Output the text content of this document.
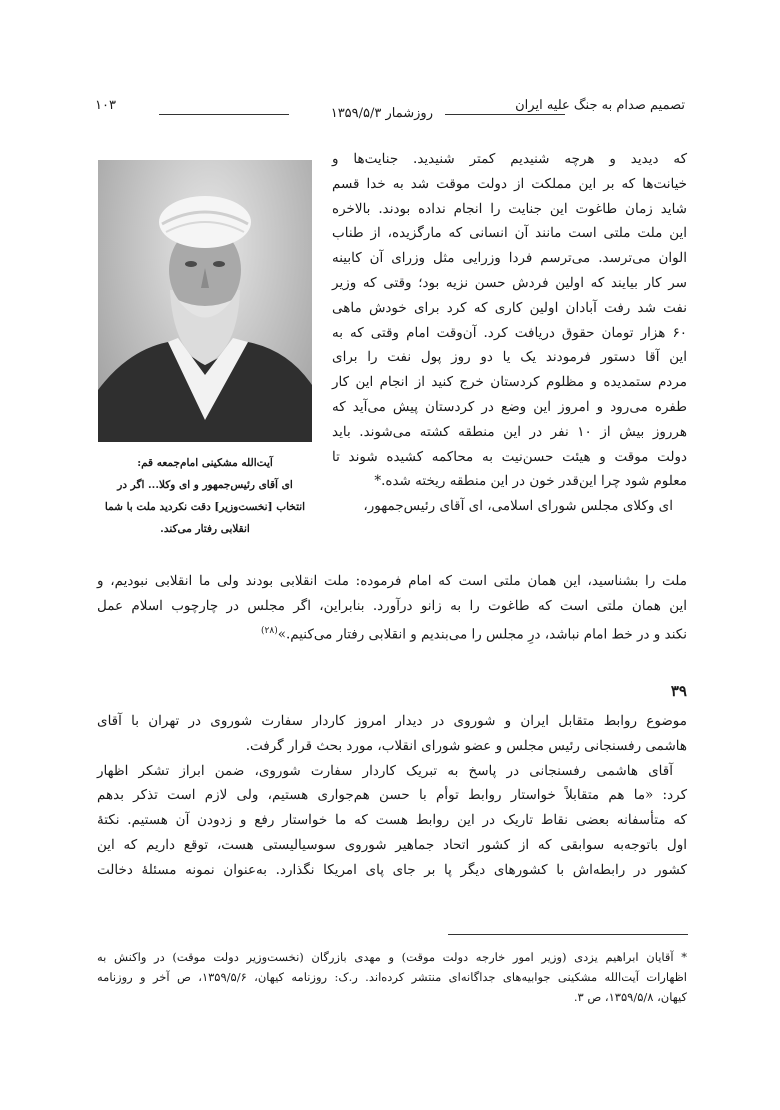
تصمیم صدام به جنگ علیه ایران
روزشمار ۱۳۵۹/۵/۳
۱۰۳
آیت‌الله مشکینی امام‌جمعه قم:
ای آقای رئیس‌جمهور و ای وکلا... اگر در
انتخاب [نخست‌وزیر] دقت نکردید ملت با شما
انقلابی رفتار می‌کند.
که دیدید و هرچه شنیدیم کمتر شنیدید. جنایت‌ها و
خیانت‌ها که بر این مملکت از دولت موقت شد به خدا قسم
شاید زمان طاغوت این جنایت را انجام نداده بودند. بالاخره
این ملت ملتی است مانند آن انسانی که مارگزیده، از طناب
الوان می‌ترسد. می‌ترسم فردا وزرایی مثل وزرای آن کابینه
سر کار بیایند که اولین فردش حسن نزیه بود؛ وقتی که وزیر
نفت شد رفت آبادان اولین کاری که کرد برای خودش ماهی
۶۰ هزار تومان حقوق دریافت کرد. آن‌وقت امام وقتی که به
این آقا دستور فرمودند یک یا دو روز پول نفت را برای
مردم ستمدیده و مظلوم کردستان خرج کنید از انجام این کار
طفره می‌رود و امروز این وضع در کردستان پیش می‌آید که
هرروز بیش از ۱۰ نفر در این منطقه کشته می‌شوند. باید
دولت موقت و هیئت حسن‌نیت به محاکمه کشیده شوند تا
معلوم شود چرا این‌قدر خون در این منطقه ریخته شده.*
ای وکلای مجلس شورای اسلامی، ای آقای رئیس‌جمهور،
ملت را بشناسید، این همان ملتی است که امام فرموده: ملت انقلابی بودند ولی ما انقلابی نبودیم، و
این همان ملتی است که طاغوت را به زانو درآورد. بنابراین، اگر مجلس در چارچوب اسلام عمل
نکند و در خط امام نباشد، درِ مجلس را می‌بندیم و انقلابی رفتار می‌کنیم.»$^{(۲۸)}$
۳۹
موضوع روابط متقابل ایران و شوروی در دیدار امروز کاردار سفارت شوروی در تهران با آقای
هاشمی رفسنجانی رئیس مجلس و عضو شورای انقلاب، مورد بحث قرار گرفت.
آقای هاشمی رفسنجانی در پاسخ به تبریک کاردار سفارت شوروی، ضمن ابراز تشکر اظهار
کرد: «ما هم متقابلاً خواستار روابط توأم با حسن هم‌جواری هستیم، ولی لازم است تذکر بدهم
که متأسفانه بعضی نقاط تاریک در این روابط هست که ما خواستار رفع و زدودن آن هستیم. نکتهٔ
اول باتوجه‌به سوابقی که از کشور اتحاد جماهیر شوروی سوسیالیستی هست، توقع داریم که این
کشور در رابطه‌اش با کشورهای دیگر پا بر جای پای امریکا نگذارد. به‌عنوان نمونه مسئلهٔ دخالت
* آقایان ابراهیم یزدی (وزیر امور خارجه دولت موقت) و مهدی بازرگان (نخست‌وزیر دولت موقت) در واکنش به
اظهارات آیت‌الله مشکینی جوابیه‌های جداگانه‌ای منتشر کرده‌اند. ر.ک: روزنامه کیهان، ۱۳۵۹/۵/۶، ص آخر و روزنامه
کیهان، ۱۳۵۹/۵/۸، ص ۳.
